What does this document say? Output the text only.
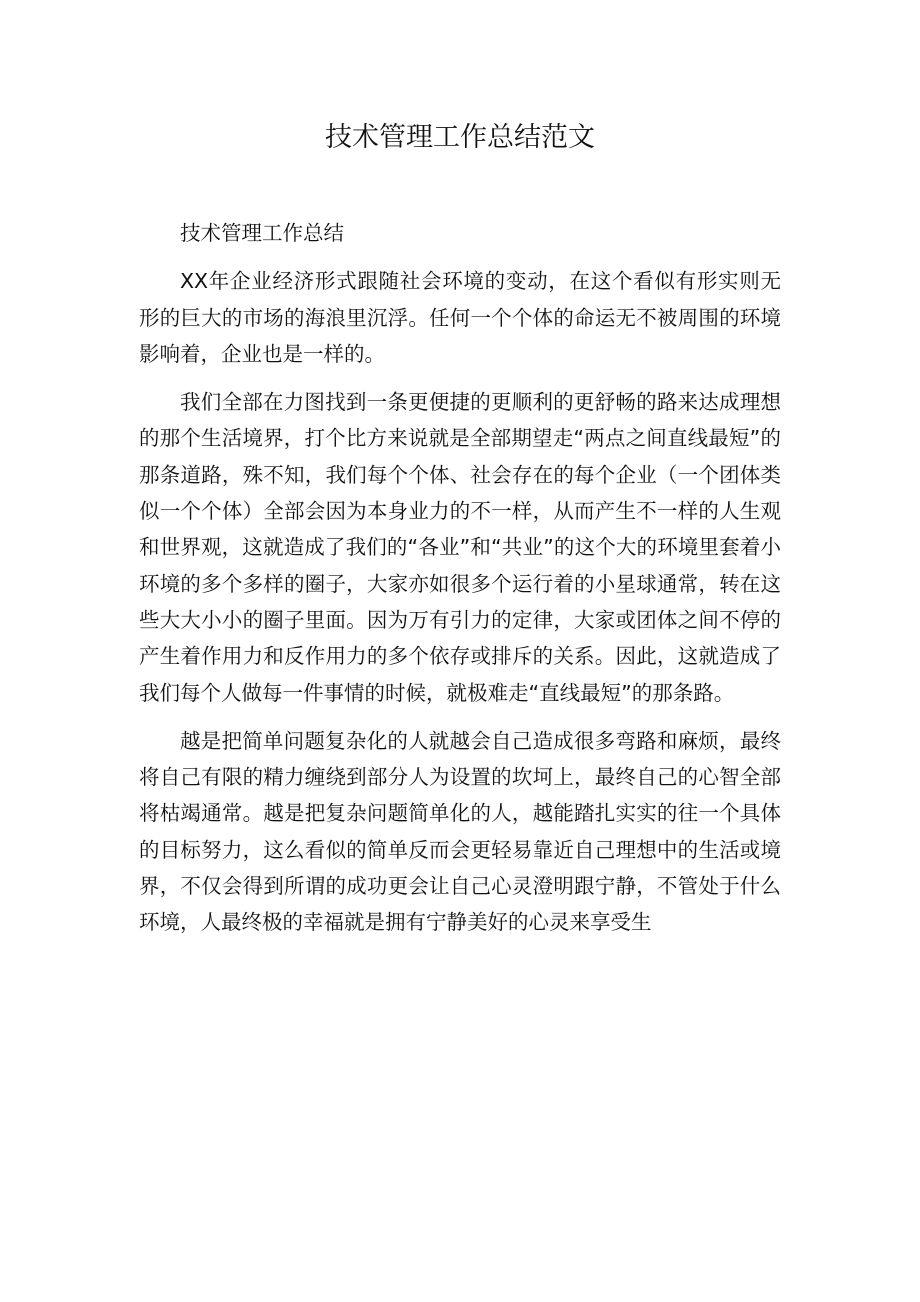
技术管理工作总结范文

技术管理工作总结

XX年企业经济形式跟随社会环境的变动，在这个看似有形实则无形的巨大的市场的海浪里沉浮。任何一个个体的命运无不被周围的环境影响着，企业也是一样的。

我们全部在力图找到一条更便捷的更顺利的更舒畅的路来达成理想的那个生活境界，打个比方来说就是全部期望走“两点之间直线最短”的那条道路，殊不知，我们每个个体、社会存在的每个企业（一个团体类似一个个体）全部会因为本身业力的不一样，从而产生不一样的人生观和世界观，这就造成了我们的“各业”和“共业”的这个大的环境里套着小环境的多个多样的圈子，大家亦如很多个运行着的小星球通常，转在这些大大小小的圈子里面。因为万有引力的定律，大家或团体之间不停的产生着作用力和反作用力的多个依存或排斥的关系。因此，这就造成了我们每个人做每一件事情的时候，就极难走“直线最短”的那条路。

越是把简单问题复杂化的人就越会自己造成很多弯路和麻烦，最终将自己有限的精力缠绕到部分人为设置的坎坷上，最终自己的心智全部将枯竭通常。越是把复杂问题简单化的人，越能踏扎实实的往一个具体的目标努力，这么看似的简单反而会更轻易靠近自己理想中的生活或境界，不仅会得到所谓的成功更会让自己心灵澄明跟宁静，不管处于什么环境，人最终极的幸福就是拥有宁静美好的心灵来享受生
